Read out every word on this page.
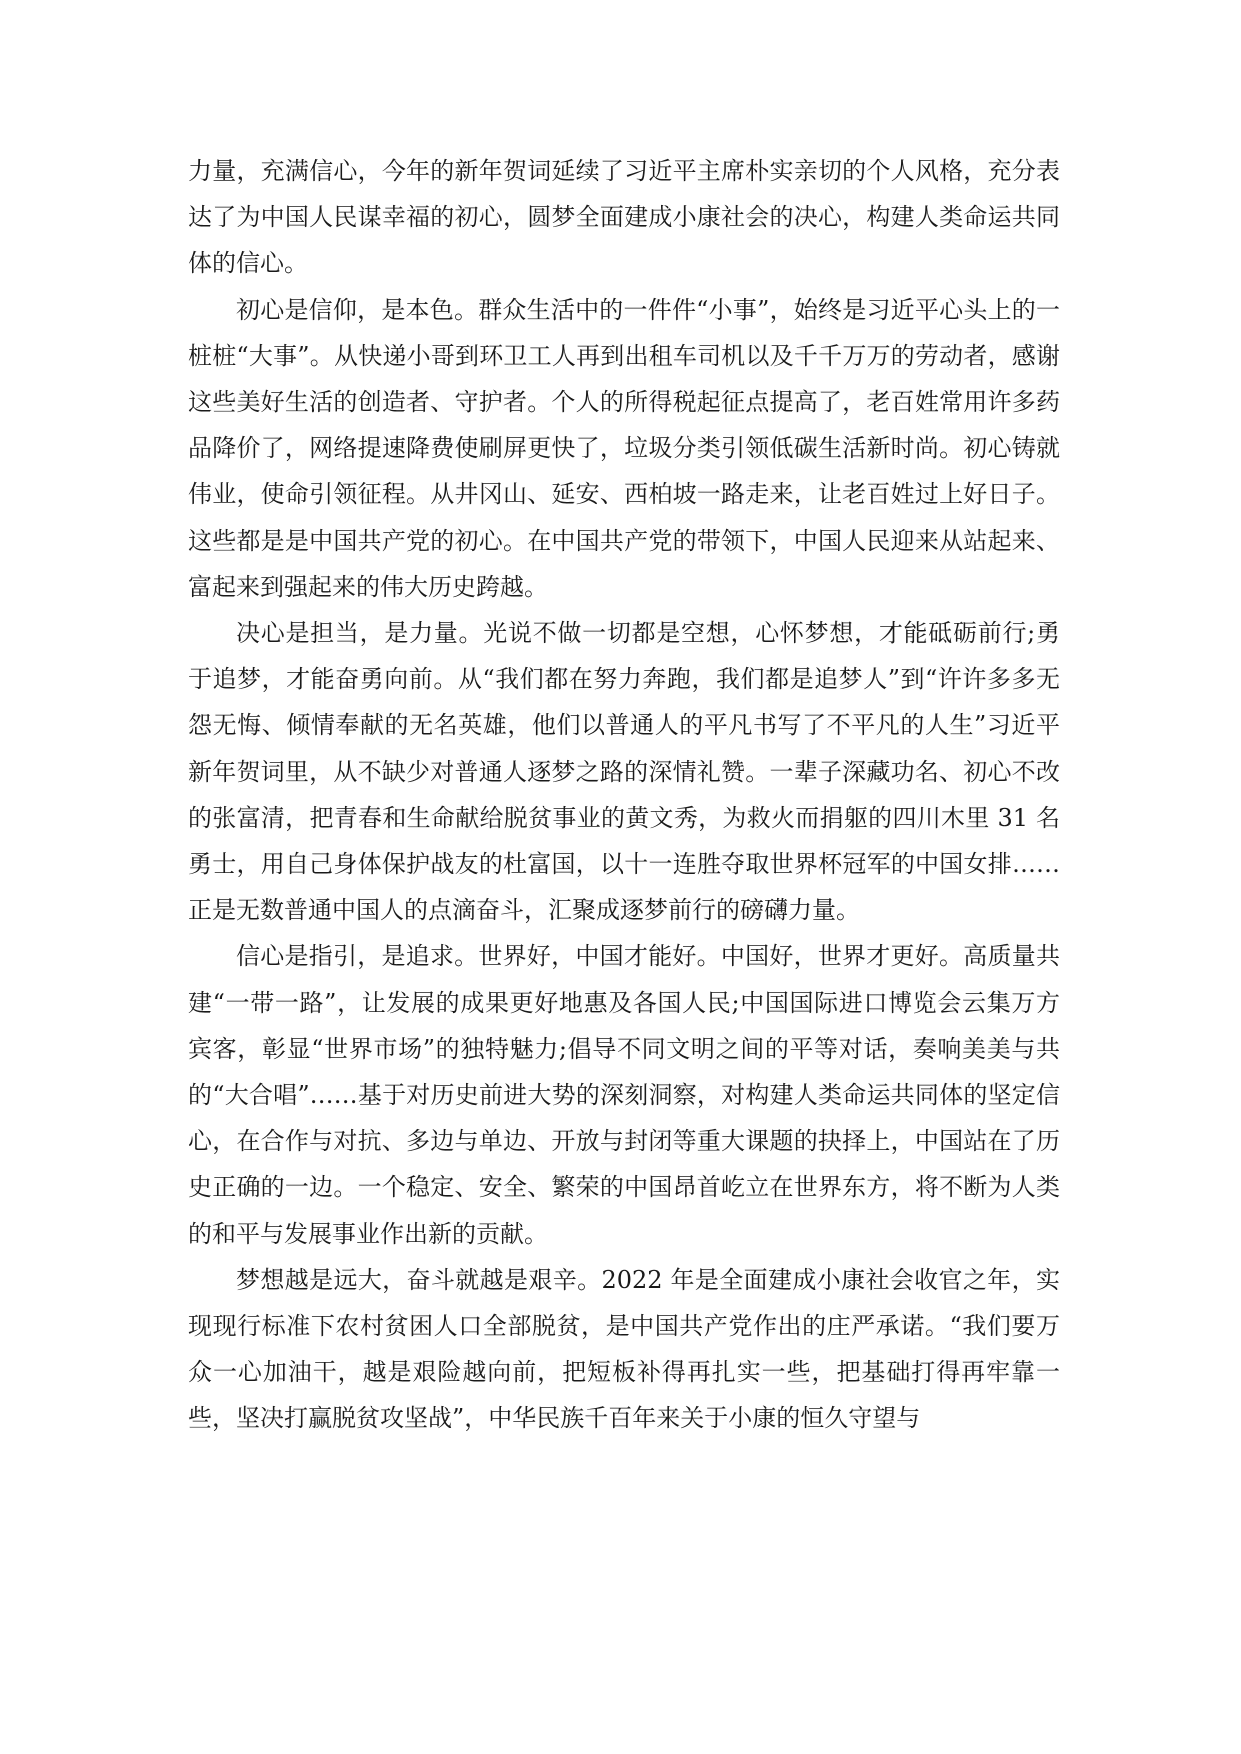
力量，充满信心，今年的新年贺词延续了习近平主席朴实亲切的个人风格，充分表达了为中国人民谋幸福的初心，圆梦全面建成小康社会的决心，构建人类命运共同体的信心。

初心是信仰，是本色。群众生活中的一件件“小事”，始终是习近平心头上的一桩桩“大事”。从快递小哥到环卫工人再到出租车司机以及千千万万的劳动者，感谢这些美好生活的创造者、守护者。个人的所得税起征点提高了，老百姓常用许多药品降价了，网络提速降费使刷屏更快了，垃圾分类引领低碳生活新时尚。初心铸就伟业，使命引领征程。从井冈山、延安、西柏坡一路走来，让老百姓过上好日子。这些都是是中国共产党的初心。在中国共产党的带领下，中国人民迎来从站起来、富起来到强起来的伟大历史跨越。

决心是担当，是力量。光说不做一切都是空想，心怀梦想，才能砥砺前行;勇于追梦，才能奋勇向前。从“我们都在努力奔跑，我们都是追梦人”到“许许多多无怨无悔、倾情奉献的无名英雄，他们以普通人的平凡书写了不平凡的人生”习近平新年贺词里，从不缺少对普通人逐梦之路的深情礼赞。一辈子深藏功名、初心不改的张富清，把青春和生命献给脱贫事业的黄文秀，为救火而捐躯的四川木里 31 名勇士，用自己身体保护战友的杜富国，以十一连胜夺取世界杯冠军的中国女排……正是无数普通中国人的点滴奋斗，汇聚成逐梦前行的磅礴力量。

信心是指引，是追求。世界好，中国才能好。中国好，世界才更好。高质量共建“一带一路”，让发展的成果更好地惠及各国人民;中国国际进口博览会云集万方宾客，彰显“世界市场”的独特魅力;倡导不同文明之间的平等对话，奏响美美与共的“大合唱”……基于对历史前进大势的深刻洞察，对构建人类命运共同体的坚定信心，在合作与对抗、多边与单边、开放与封闭等重大课题的抉择上，中国站在了历史正确的一边。一个稳定、安全、繁荣的中国昂首屹立在世界东方，将不断为人类的和平与发展事业作出新的贡献。

梦想越是远大，奋斗就越是艰辛。2022 年是全面建成小康社会收官之年，实现现行标准下农村贫困人口全部脱贫，是中国共产党作出的庄严承诺。“我们要万众一心加油干，越是艰险越向前，把短板补得再扎实一些，把基础打得再牢靠一些，坚决打赢脱贫攻坚战”，中华民族千百年来关于小康的恒久守望与
